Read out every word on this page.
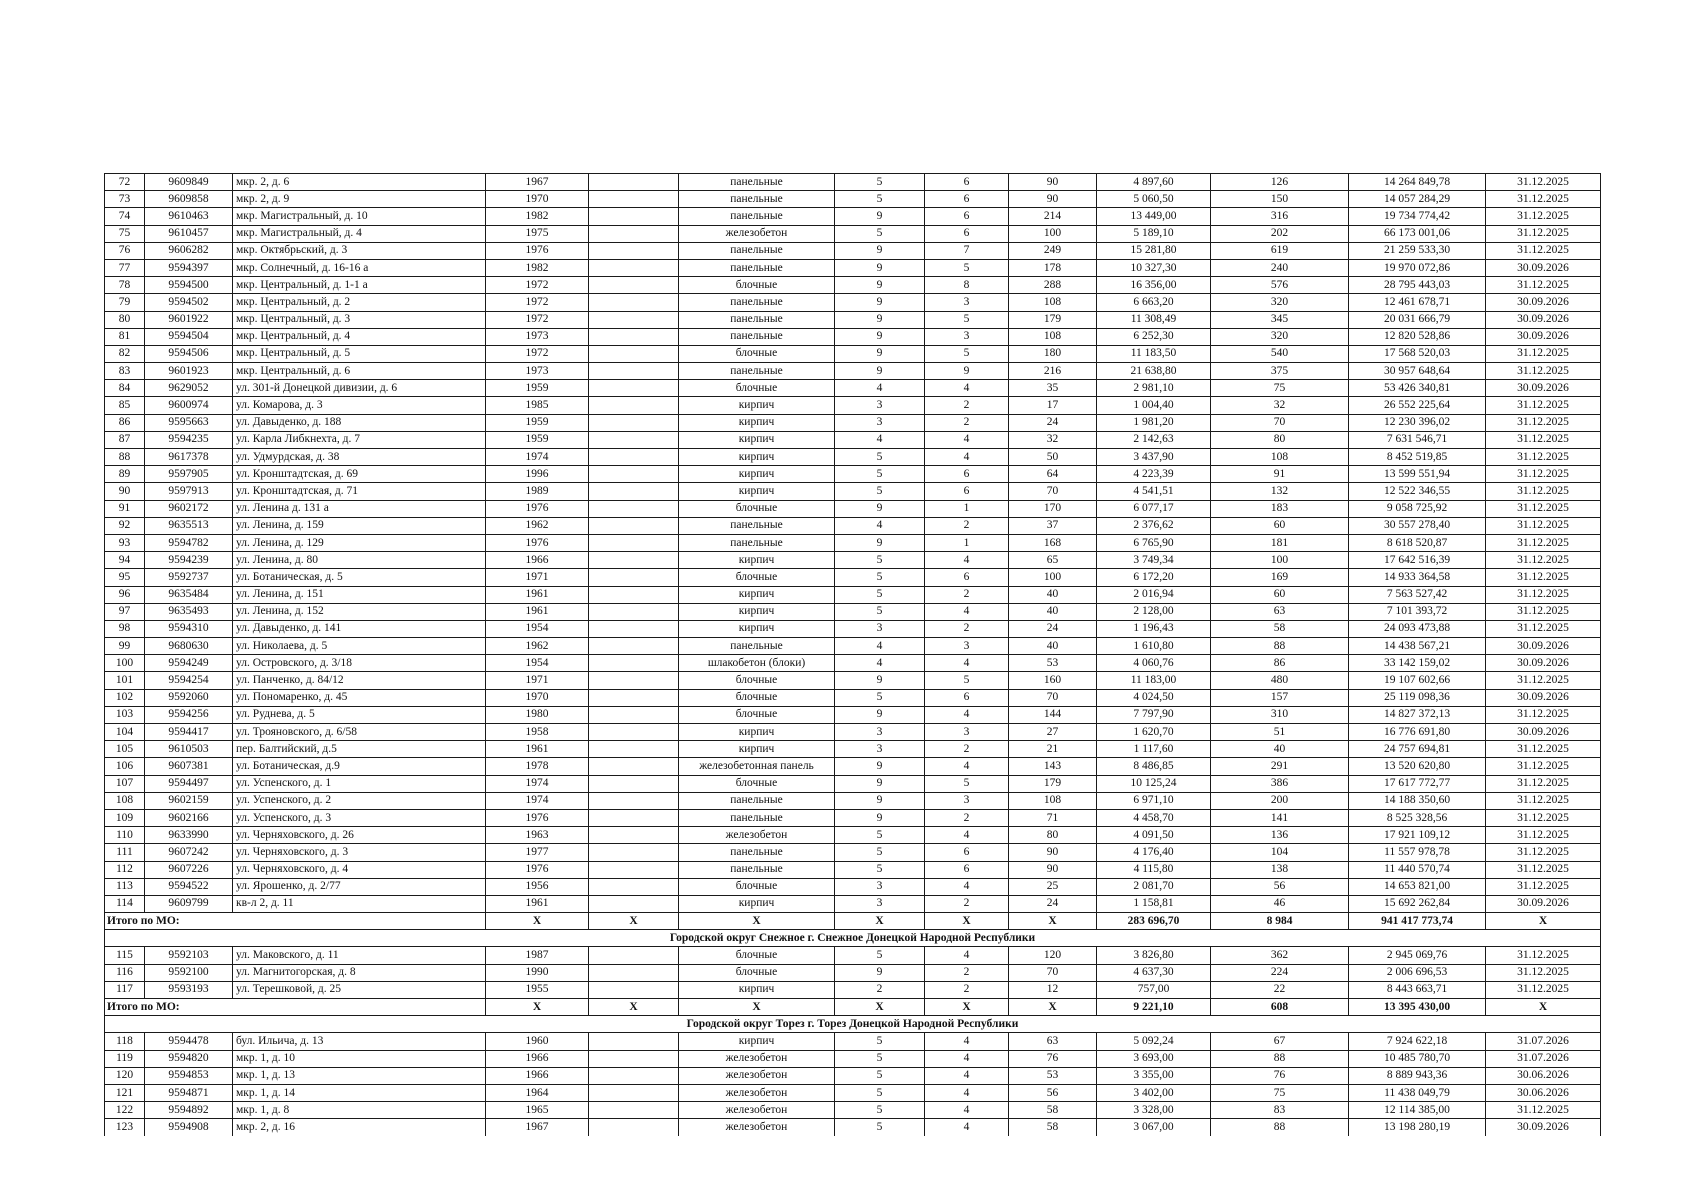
72	9609849	мкр. 2, д. 6	1967		панельные	5	6	90	4 897,60	126	14 264 849,78	31.12.2025
73	9609858	мкр. 2, д. 9	1970		панельные	5	6	90	5 060,50	150	14 057 284,29	31.12.2025
74	9610463	мкр. Магистральный, д. 10	1982		панельные	9	6	214	13 449,00	316	19 734 774,42	31.12.2025
75	9610457	мкр. Магистральный, д. 4	1975		железобетон	5	6	100	5 189,10	202	66 173 001,06	31.12.2025
76	9606282	мкр. Октябрьский, д. 3	1976		панельные	9	7	249	15 281,80	619	21 259 533,30	31.12.2025
77	9594397	мкр. Солнечный, д. 16-16 а	1982		панельные	9	5	178	10 327,30	240	19 970 072,86	30.09.2026
78	9594500	мкр. Центральный, д. 1-1 а	1972		блочные	9	8	288	16 356,00	576	28 795 443,03	31.12.2025
79	9594502	мкр. Центральный, д. 2	1972		панельные	9	3	108	6 663,20	320	12 461 678,71	30.09.2026
80	9601922	мкр. Центральный, д. 3	1972		панельные	9	5	179	11 308,49	345	20 031 666,79	30.09.2026
81	9594504	мкр. Центральный, д. 4	1973		панельные	9	3	108	6 252,30	320	12 820 528,86	30.09.2026
82	9594506	мкр. Центральный, д. 5	1972		блочные	9	5	180	11 183,50	540	17 568 520,03	31.12.2025
83	9601923	мкр. Центральный, д. 6	1973		панельные	9	9	216	21 638,80	375	30 957 648,64	31.12.2025
84	9629052	ул. 301-й Донецкой дивизии, д. 6	1959		блочные	4	4	35	2 981,10	75	53 426 340,81	30.09.2026
85	9600974	ул. Комарова, д. 3	1985		кирпич	3	2	17	1 004,40	32	26 552 225,64	31.12.2025
86	9595663	ул. Давыденко, д. 188	1959		кирпич	3	2	24	1 981,20	70	12 230 396,02	31.12.2025
87	9594235	ул. Карла Либкнехта, д. 7	1959		кирпич	4	4	32	2 142,63	80	7 631 546,71	31.12.2025
88	9617378	ул. Удмурдская, д. 38	1974		кирпич	5	4	50	3 437,90	108	8 452 519,85	31.12.2025
89	9597905	ул. Кронштадтская, д. 69	1996		кирпич	5	6	64	4 223,39	91	13 599 551,94	31.12.2025
90	9597913	ул. Кронштадтская, д. 71	1989		кирпич	5	6	70	4 541,51	132	12 522 346,55	31.12.2025
91	9602172	ул. Ленина д. 131 а	1976		блочные	9	1	170	6 077,17	183	9 058 725,92	31.12.2025
92	9635513	ул. Ленина, д. 159	1962		панельные	4	2	37	2 376,62	60	30 557 278,40	31.12.2025
93	9594782	ул. Ленина, д. 129	1976		панельные	9	1	168	6 765,90	181	8 618 520,87	31.12.2025
94	9594239	ул. Ленина, д. 80	1966		кирпич	5	4	65	3 749,34	100	17 642 516,39	31.12.2025
95	9592737	ул. Ботаническая, д. 5	1971		блочные	5	6	100	6 172,20	169	14 933 364,58	31.12.2025
96	9635484	ул. Ленина, д. 151	1961		кирпич	5	2	40	2 016,94	60	7 563 527,42	31.12.2025
97	9635493	ул. Ленина, д. 152	1961		кирпич	5	4	40	2 128,00	63	7 101 393,72	31.12.2025
98	9594310	ул. Давыденко, д. 141	1954		кирпич	3	2	24	1 196,43	58	24 093 473,88	31.12.2025
99	9680630	ул. Николаева, д. 5	1962		панельные	4	3	40	1 610,80	88	14 438 567,21	30.09.2026
100	9594249	ул. Островского, д. 3/18	1954		шлакобетон (блоки)	4	4	53	4 060,76	86	33 142 159,02	30.09.2026
101	9594254	ул. Панченко, д. 84/12	1971		блочные	9	5	160	11 183,00	480	19 107 602,66	31.12.2025
102	9592060	ул. Пономаренко, д. 45	1970		блочные	5	6	70	4 024,50	157	25 119 098,36	30.09.2026
103	9594256	ул. Руднева, д. 5	1980		блочные	9	4	144	7 797,90	310	14 827 372,13	31.12.2025
104	9594417	ул. Трояновского, д. 6/58	1958		кирпич	3	3	27	1 620,70	51	16 776 691,80	30.09.2026
105	9610503	пер. Балтийский, д.5	1961		кирпич	3	2	21	1 117,60	40	24 757 694,81	31.12.2025
106	9607381	ул. Ботаническая, д.9	1978		железобетонная панель	9	4	143	8 486,85	291	13 520 620,80	31.12.2025
107	9594497	ул. Успенского, д. 1	1974		блочные	9	5	179	10 125,24	386	17 617 772,77	31.12.2025
108	9602159	ул. Успенского, д. 2	1974		панельные	9	3	108	6 971,10	200	14 188 350,60	31.12.2025
109	9602166	ул. Успенского, д. 3	1976		панельные	9	2	71	4 458,70	141	8 525 328,56	31.12.2025
110	9633990	ул. Черняховского, д. 26	1963		железобетон	5	4	80	4 091,50	136	17 921 109,12	31.12.2025
111	9607242	ул. Черняховского, д. 3	1977		панельные	5	6	90	4 176,40	104	11 557 978,78	31.12.2025
112	9607226	ул. Черняховского, д. 4	1976		панельные	5	6	90	4 115,80	138	11 440 570,74	31.12.2025
113	9594522	ул. Ярошенко, д. 2/77	1956		блочные	3	4	25	2 081,70	56	14 653 821,00	31.12.2025
114	9609799	кв-л 2, д. 11	1961		кирпич	3	2	24	1 158,81	46	15 692 262,84	30.09.2026
Итого по МО:			X	X	X	X	X	X	283 696,70	8 984	941 417 773,74	X
Городской округ Снежное г. Снежное Донецкой Народной Республики												
115	9592103	ул. Маковского, д. 11	1987		блочные	5	4	120	3 826,80	362	2 945 069,76	31.12.2025
116	9592100	ул. Магнитогорская, д. 8	1990		блочные	9	2	70	4 637,30	224	2 006 696,53	31.12.2025
117	9593193	ул. Терешковой, д. 25	1955		кирпич	2	2	12	757,00	22	8 443 663,71	31.12.2025
Итого по МО:			X	X	X	X	X	X	9 221,10	608	13 395 430,00	X
Городской округ Торез г. Торез Донецкой Народной Республики												
118	9594478	бул. Ильича, д. 13	1960		кирпич	5	4	63	5 092,24	67	7 924 622,18	31.07.2026
119	9594820	мкр. 1, д. 10	1966		железобетон	5	4	76	3 693,00	88	10 485 780,70	31.07.2026
120	9594853	мкр. 1, д. 13	1966		железобетон	5	4	53	3 355,00	76	8 889 943,36	30.06.2026
121	9594871	мкр. 1, д. 14	1964		железобетон	5	4	56	3 402,00	75	11 438 049,79	30.06.2026
122	9594892	мкр. 1, д. 8	1965		железобетон	5	4	58	3 328,00	83	12 114 385,00	31.12.2025
123	9594908	мкр. 2, д. 16	1967		железобетон	5	4	58	3 067,00	88	13 198 280,19	30.09.2026
